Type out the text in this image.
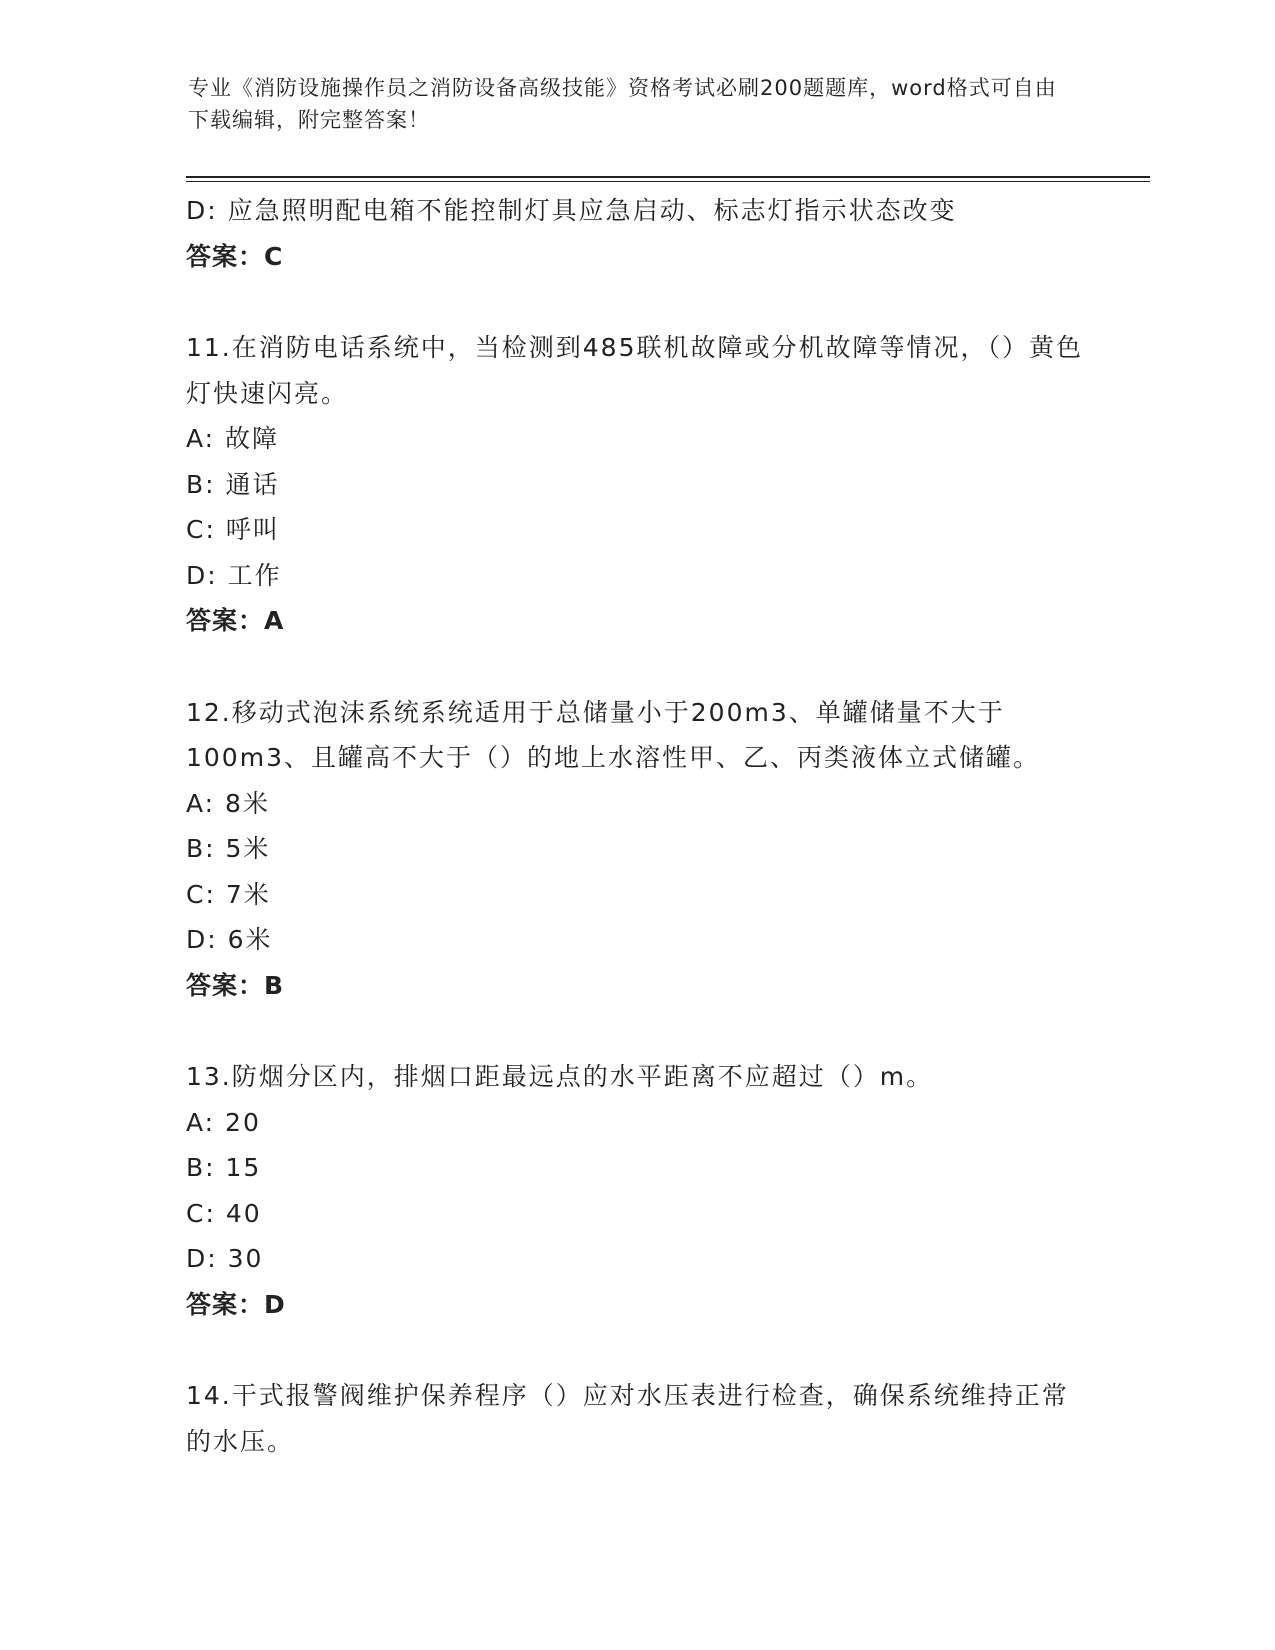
专业《消防设施操作员之消防设备高级技能》资格考试必刷200题题库，word格式可自由下载编辑，附完整答案！
D: 应急照明配电箱不能控制灯具应急启动、标志灯指示状态改变
答案：C
11.在消防电话系统中，当检测到485联机故障或分机故障等情况，（）黄色灯快速闪亮。
A: 故障
B: 通话
C: 呼叫
D: 工作
答案：A
12.移动式泡沫系统系统适用于总储量小于200m3、单罐储量不大于100m3、且罐高不大于（）的地上水溶性甲、乙、丙类液体立式储罐。
A: 8米
B: 5米
C: 7米
D: 6米
答案：B
13.防烟分区内，排烟口距最远点的水平距离不应超过（）m。
A: 20
B: 15
C: 40
D: 30
答案：D
14.干式报警阀维护保养程序（）应对水压表进行检查，确保系统维持正常的水压。
